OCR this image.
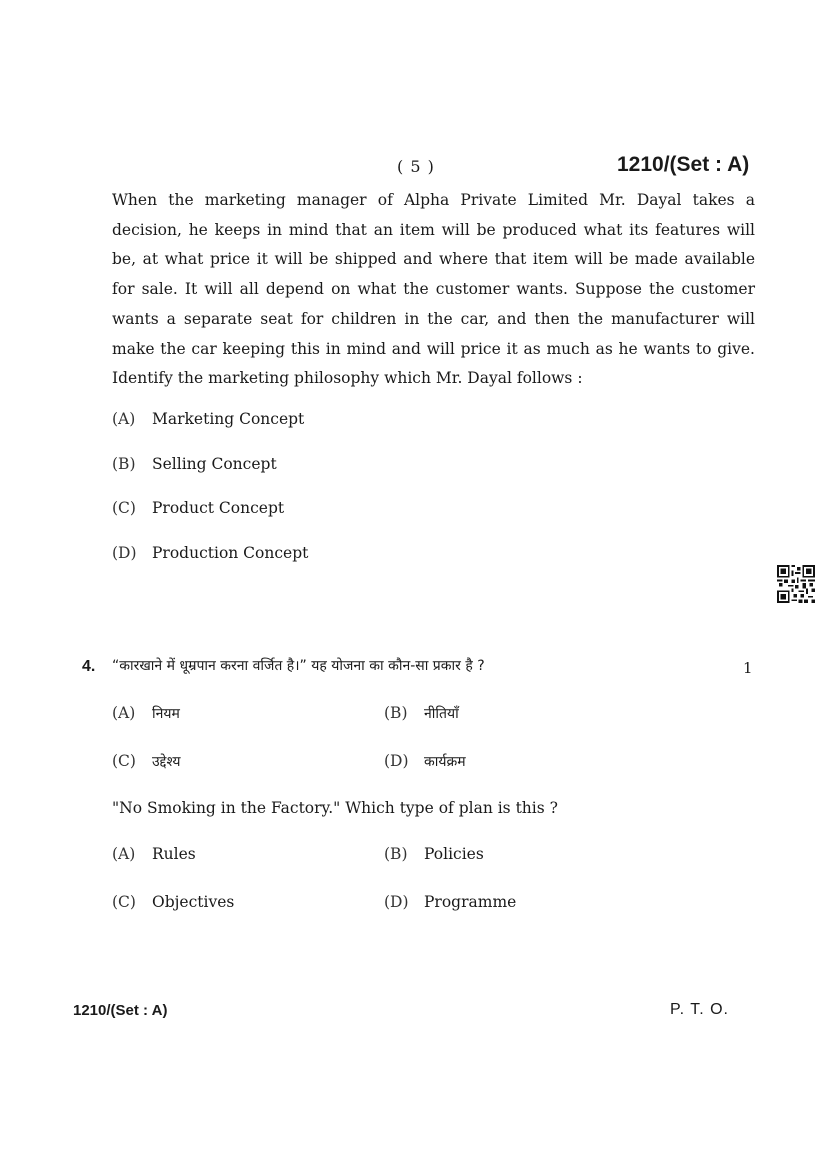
( 5 )	1210/(Set : A)

When the marketing manager of Alpha Private Limited Mr. Dayal takes a
decision, he keeps in mind that an item will be produced what its features will
be, at what price it will be shipped and where that item will be made available
for sale. It will all depend on what the customer wants. Suppose the customer
wants a separate seat for children in the car, and then the manufacturer will
make the car keeping this in mind and will price it as much as he wants to give.
Identify the marketing philosophy which Mr. Dayal follows :

(A) Marketing Concept
(B) Selling Concept
(C) Product Concept
(D) Production Concept
4. “कारखाने में धूम्रपान करना वर्जित है।” यह योजना का कौन-सा प्रकार है ?	1
(A) नियम	(B) नीतियाँ
(C) उद्देश्य	(D) कार्यक्रम
"No Smoking in the Factory." Which type of plan is this ?
(A) Rules	(B) Policies
(C) Objectives	(D) Programme
1210/(Set : A)	P. T. O.
